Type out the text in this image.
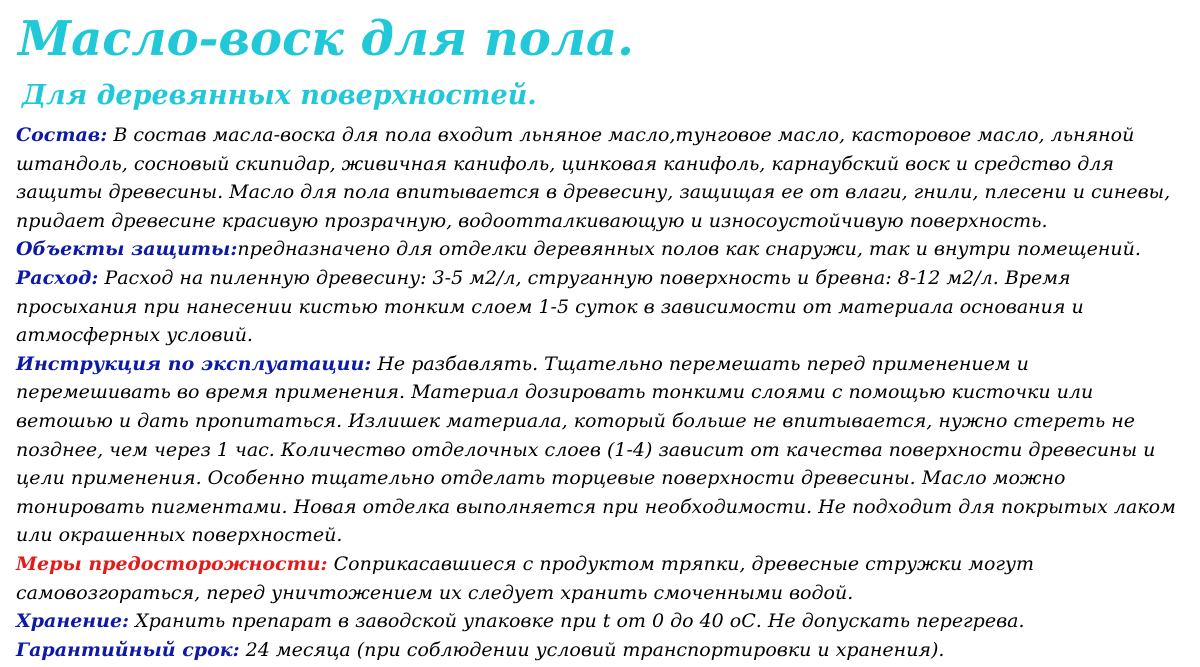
Масло-воск для пола.
Для деревянных поверхностей.

Состав: В состав масла-воска для пола входит льняное масло,тунговое масло, касторовое масло, льняной штандоль, сосновый скипидар, живичная канифоль, цинковая канифоль, карнаубский воск и средство для защиты древесины. Масло для пола впитывается в древесину, защищая ее от влаги, гнили, плесени и синевы, придает древесине красивую прозрачную, водоотталкивающую и износоустойчивую поверхность.

Объекты защиты:предназначено для отделки деревянных полов как снаружи, так и внутри помещений.

Расход: Расход на пиленную древесину: 3-5 м2/л, струганную поверхность и бревна: 8-12 м2/л. Время просыхания при нанесении кистью тонким слоем 1-5 суток в зависимости от материала основания и атмосферных условий.

Инструкция по эксплуатации: Не разбавлять. Тщательно перемешать перед применением и перемешивать во время применения. Материал дозировать тонкими слоями с помощью кисточки или ветошью и дать пропитаться. Излишек материала, который больше не впитывается, нужно стереть не позднее, чем через 1 час. Количество отделочных слоев (1-4) зависит от качества поверхности древесины и цели применения. Особенно тщательно отделать торцевые поверхности древесины. Масло можно тонировать пигментами. Новая отделка выполняется при необходимости. Не подходит для покрытых лаком или окрашенных поверхностей.

Меры предосторожности: Соприкасавшиеся с продуктом тряпки, древесные стружки могут самовозгораться, перед уничтожением их следует хранить смоченными водой.

Хранение: Хранить препарат в заводской упаковке при t от 0 до 40 оС. Не допускать перегрева.

Гарантийный срок: 24 месяца (при соблюдении условий транспортировки и хранения).
